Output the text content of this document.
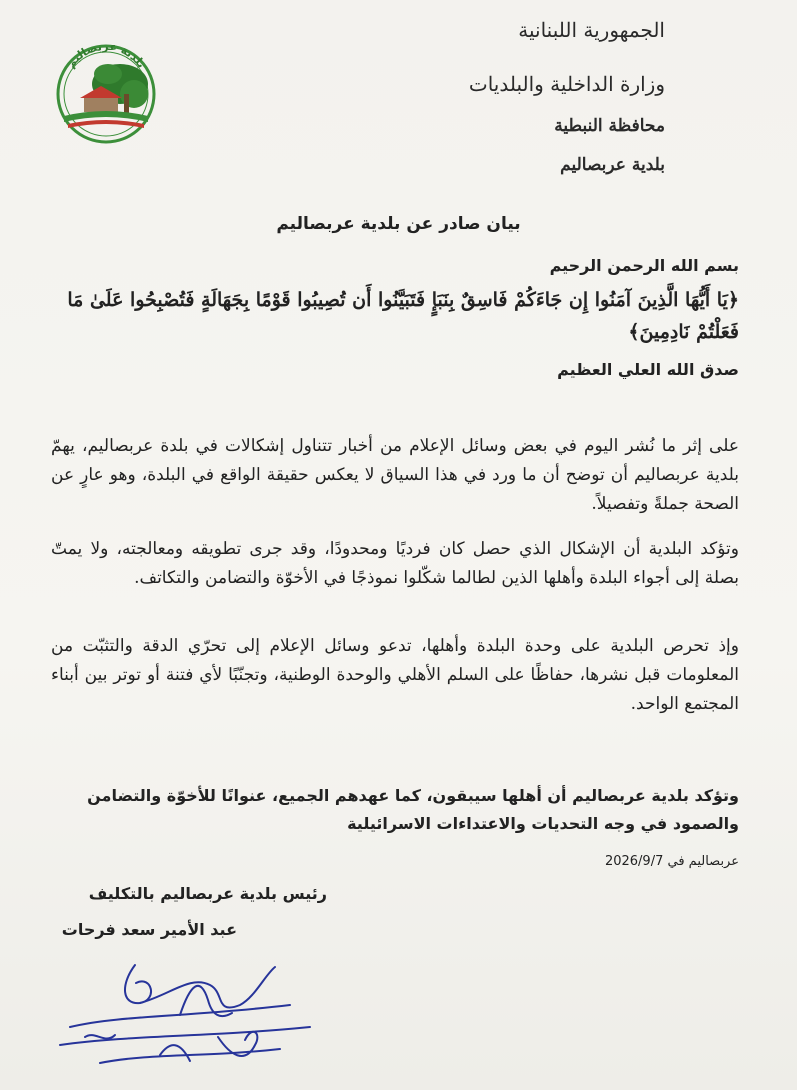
الجمهورية اللبنانية
وزارة الداخلية والبلديات
محافظة النبطية
بلدية عربصاليم
بلدية عربصاليم
بيان صادر عن بلدية عربصاليم
بسم الله الرحمن الرحيم
﴿يَا أَيُّهَا الَّذِينَ آمَنُوا إِن جَاءَكُمْ فَاسِقٌ بِنَبَإٍ فَتَبَيَّنُوا أَن تُصِيبُوا قَوْمًا بِجَهَالَةٍ فَتُصْبِحُوا عَلَىٰ مَا فَعَلْتُمْ نَادِمِينَ﴾
صدق الله العلي العظيم
على إثر ما نُشر اليوم في بعض وسائل الإعلام من أخبار تتناول إشكالات في بلدة عربصاليم، يهمّ بلدية عربصاليم أن توضح أن ما ورد في هذا السياق لا يعكس حقيقة الواقع في البلدة، وهو عارٍ عن الصحة جملةً وتفصيلاً.
وتؤكد البلدية أن الإشكال الذي حصل كان فرديًا ومحدودًا، وقد جرى تطويقه ومعالجته، ولا يمتّ بصلة إلى أجواء البلدة وأهلها الذين لطالما شكّلوا نموذجًا في الأخوّة والتضامن والتكاتف.
وإذ تحرص البلدية على وحدة البلدة وأهلها، تدعو وسائل الإعلام إلى تحرّي الدقة والتثبّت من المعلومات قبل نشرها، حفاظًا على السلم الأهلي والوحدة الوطنية، وتجنّبًا لأي فتنة أو توتر بين أبناء المجتمع الواحد.
وتؤكد بلدية عربصاليم أن أهلها سيبقون، كما عهدهم الجميع، عنوانًا للأخوّة والتضامن والصمود في وجه التحديات والاعتداءات الاسرائيلية
عربصاليم في 2026/9/7
رئيس بلدية عربصاليم بالتكليف
عبد الأمير سعد فرحات
